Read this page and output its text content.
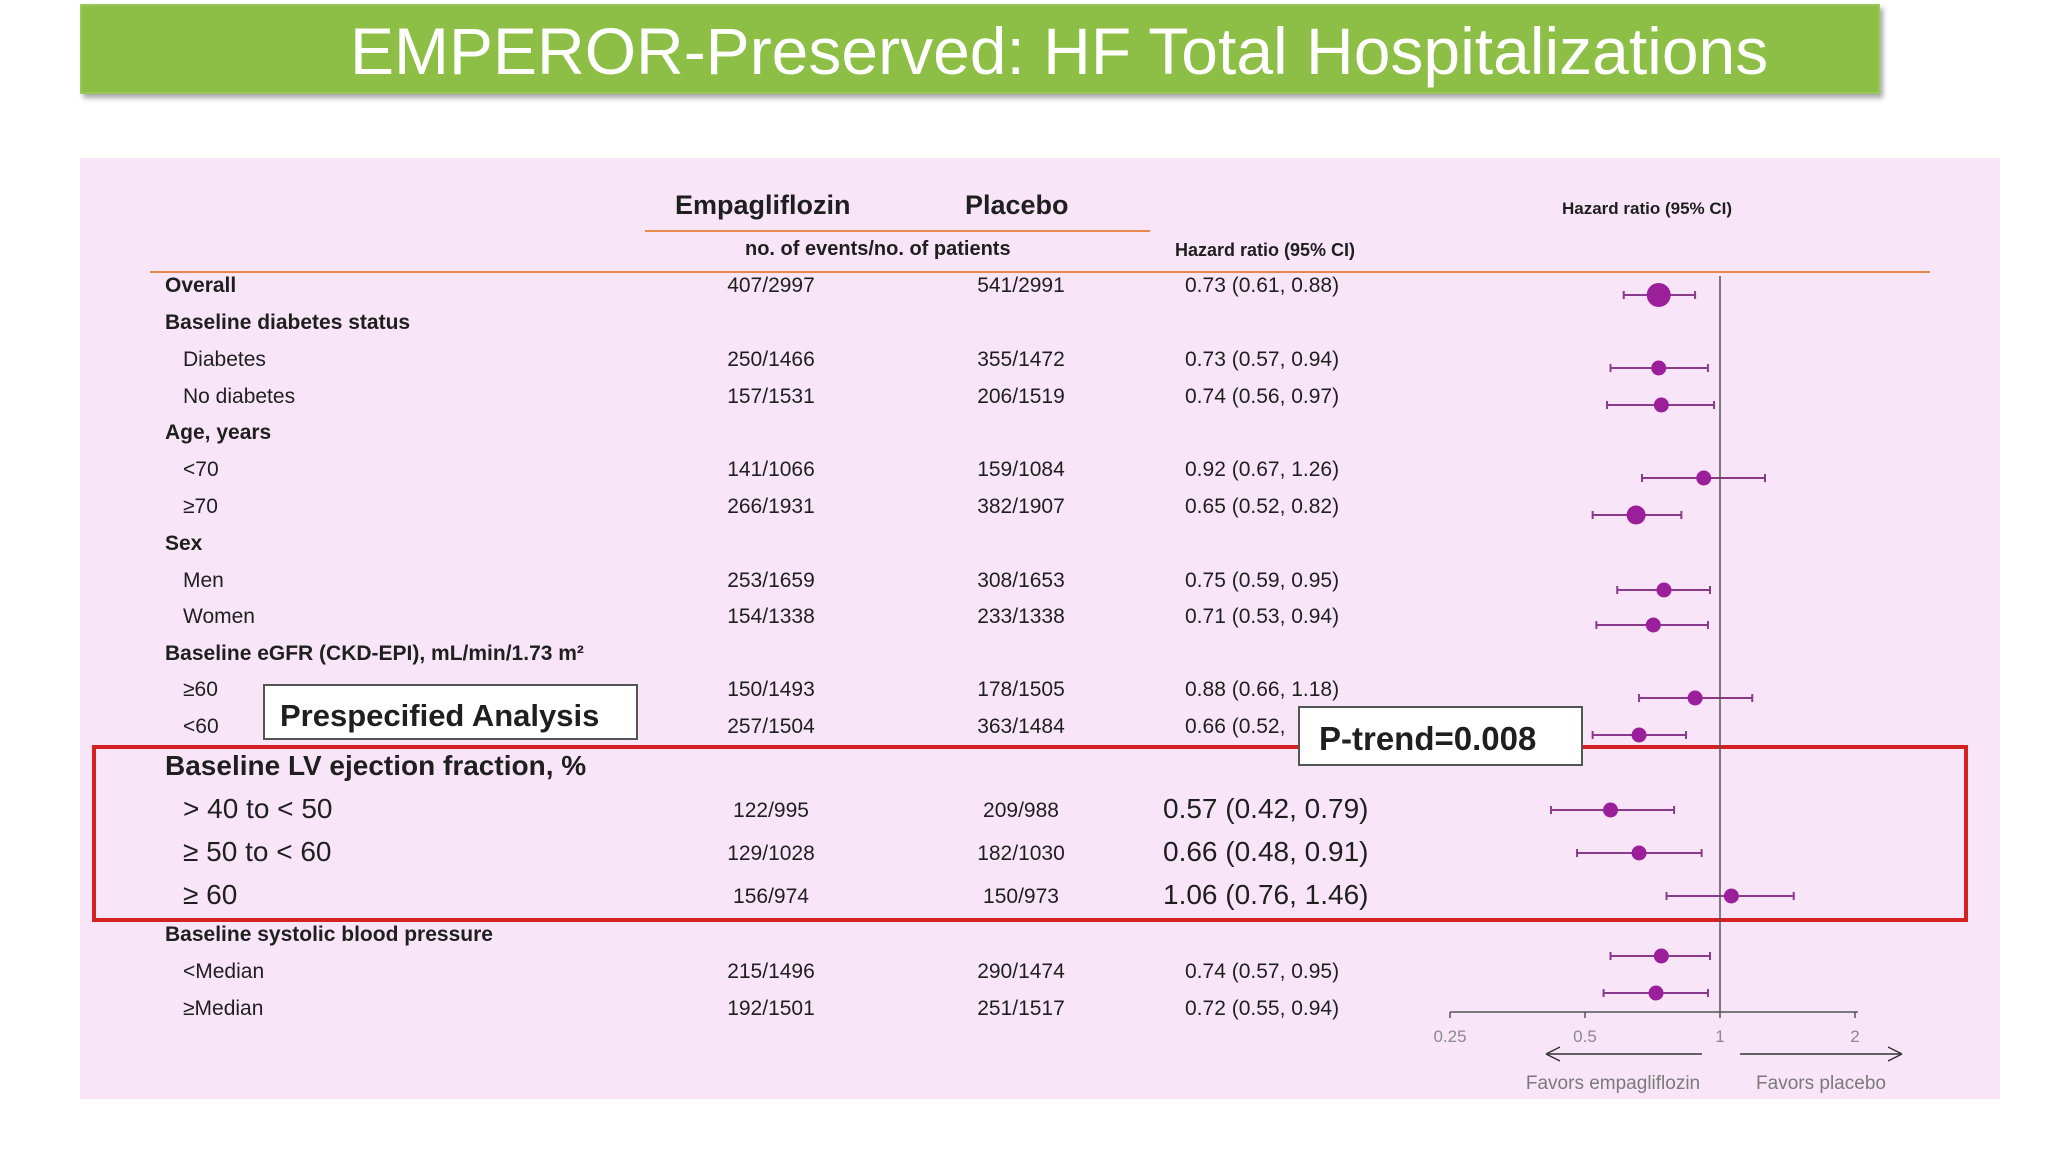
EMPEROR-Preserved: HF Total Hospitalizations
Empagliflozin	Placebo
no. of events/no. of patients	Hazard ratio (95% CI)
Hazard ratio (95% CI)
Overall	407/2997	541/2991	0.73 (0.61, 0.88)
Baseline diabetes status
Diabetes	250/1466	355/1472	0.73 (0.57, 0.94)
No diabetes	157/1531	206/1519	0.74 (0.56, 0.97)
Age, years
<70	141/1066	159/1084	0.92 (0.67, 1.26)
≥70	266/1931	382/1907	0.65 (0.52, 0.82)
Sex
Men	253/1659	308/1653	0.75 (0.59, 0.95)
Women	154/1338	233/1338	0.71 (0.53, 0.94)
Baseline eGFR (CKD-EPI), mL/min/1.73 m²
≥60	150/1493	178/1505	0.88 (0.66, 1.18)
<60	257/1504	363/1484	0.66 (0.52,
Baseline LV ejection fraction, %
> 40 to < 50	122/995	209/988	0.57 (0.42, 0.79)
≥ 50 to < 60	129/1028	182/1030	0.66 (0.48, 0.91)
≥ 60	156/974	150/973	1.06 (0.76, 1.46)
Baseline systolic blood pressure
<Median	215/1496	290/1474	0.74 (0.57, 0.95)
≥Median	192/1501	251/1517	0.72 (0.55, 0.94)
Prespecified Analysis
P-trend=0.008
0.25	0.5	1	2
Favors empagliflozin	Favors placebo
